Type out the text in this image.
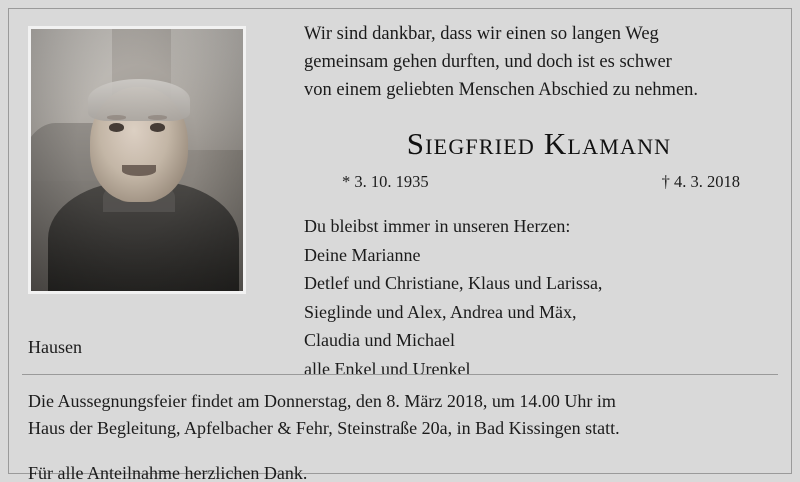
Wir sind dankbar, dass wir einen so langen Weg
gemeinsam gehen durften, und doch ist es schwer
von einem geliebten Menschen Abschied zu nehmen.
Siegfried Klamann
* 3. 10. 1935	† 4. 3. 2018
Du bleibst immer in unseren Herzen:
Deine Marianne
Detlef und Christiane, Klaus und Larissa,
Sieglinde und Alex, Andrea und Mäx,
Claudia und Michael
alle Enkel und Urenkel
Hausen
Die Aussegnungsfeier findet am Donnerstag, den 8. März 2018, um 14.00 Uhr im
Haus der Begleitung, Apfelbacher & Fehr, Steinstraße 20a, in Bad Kissingen statt.
Für alle Anteilnahme herzlichen Dank.
